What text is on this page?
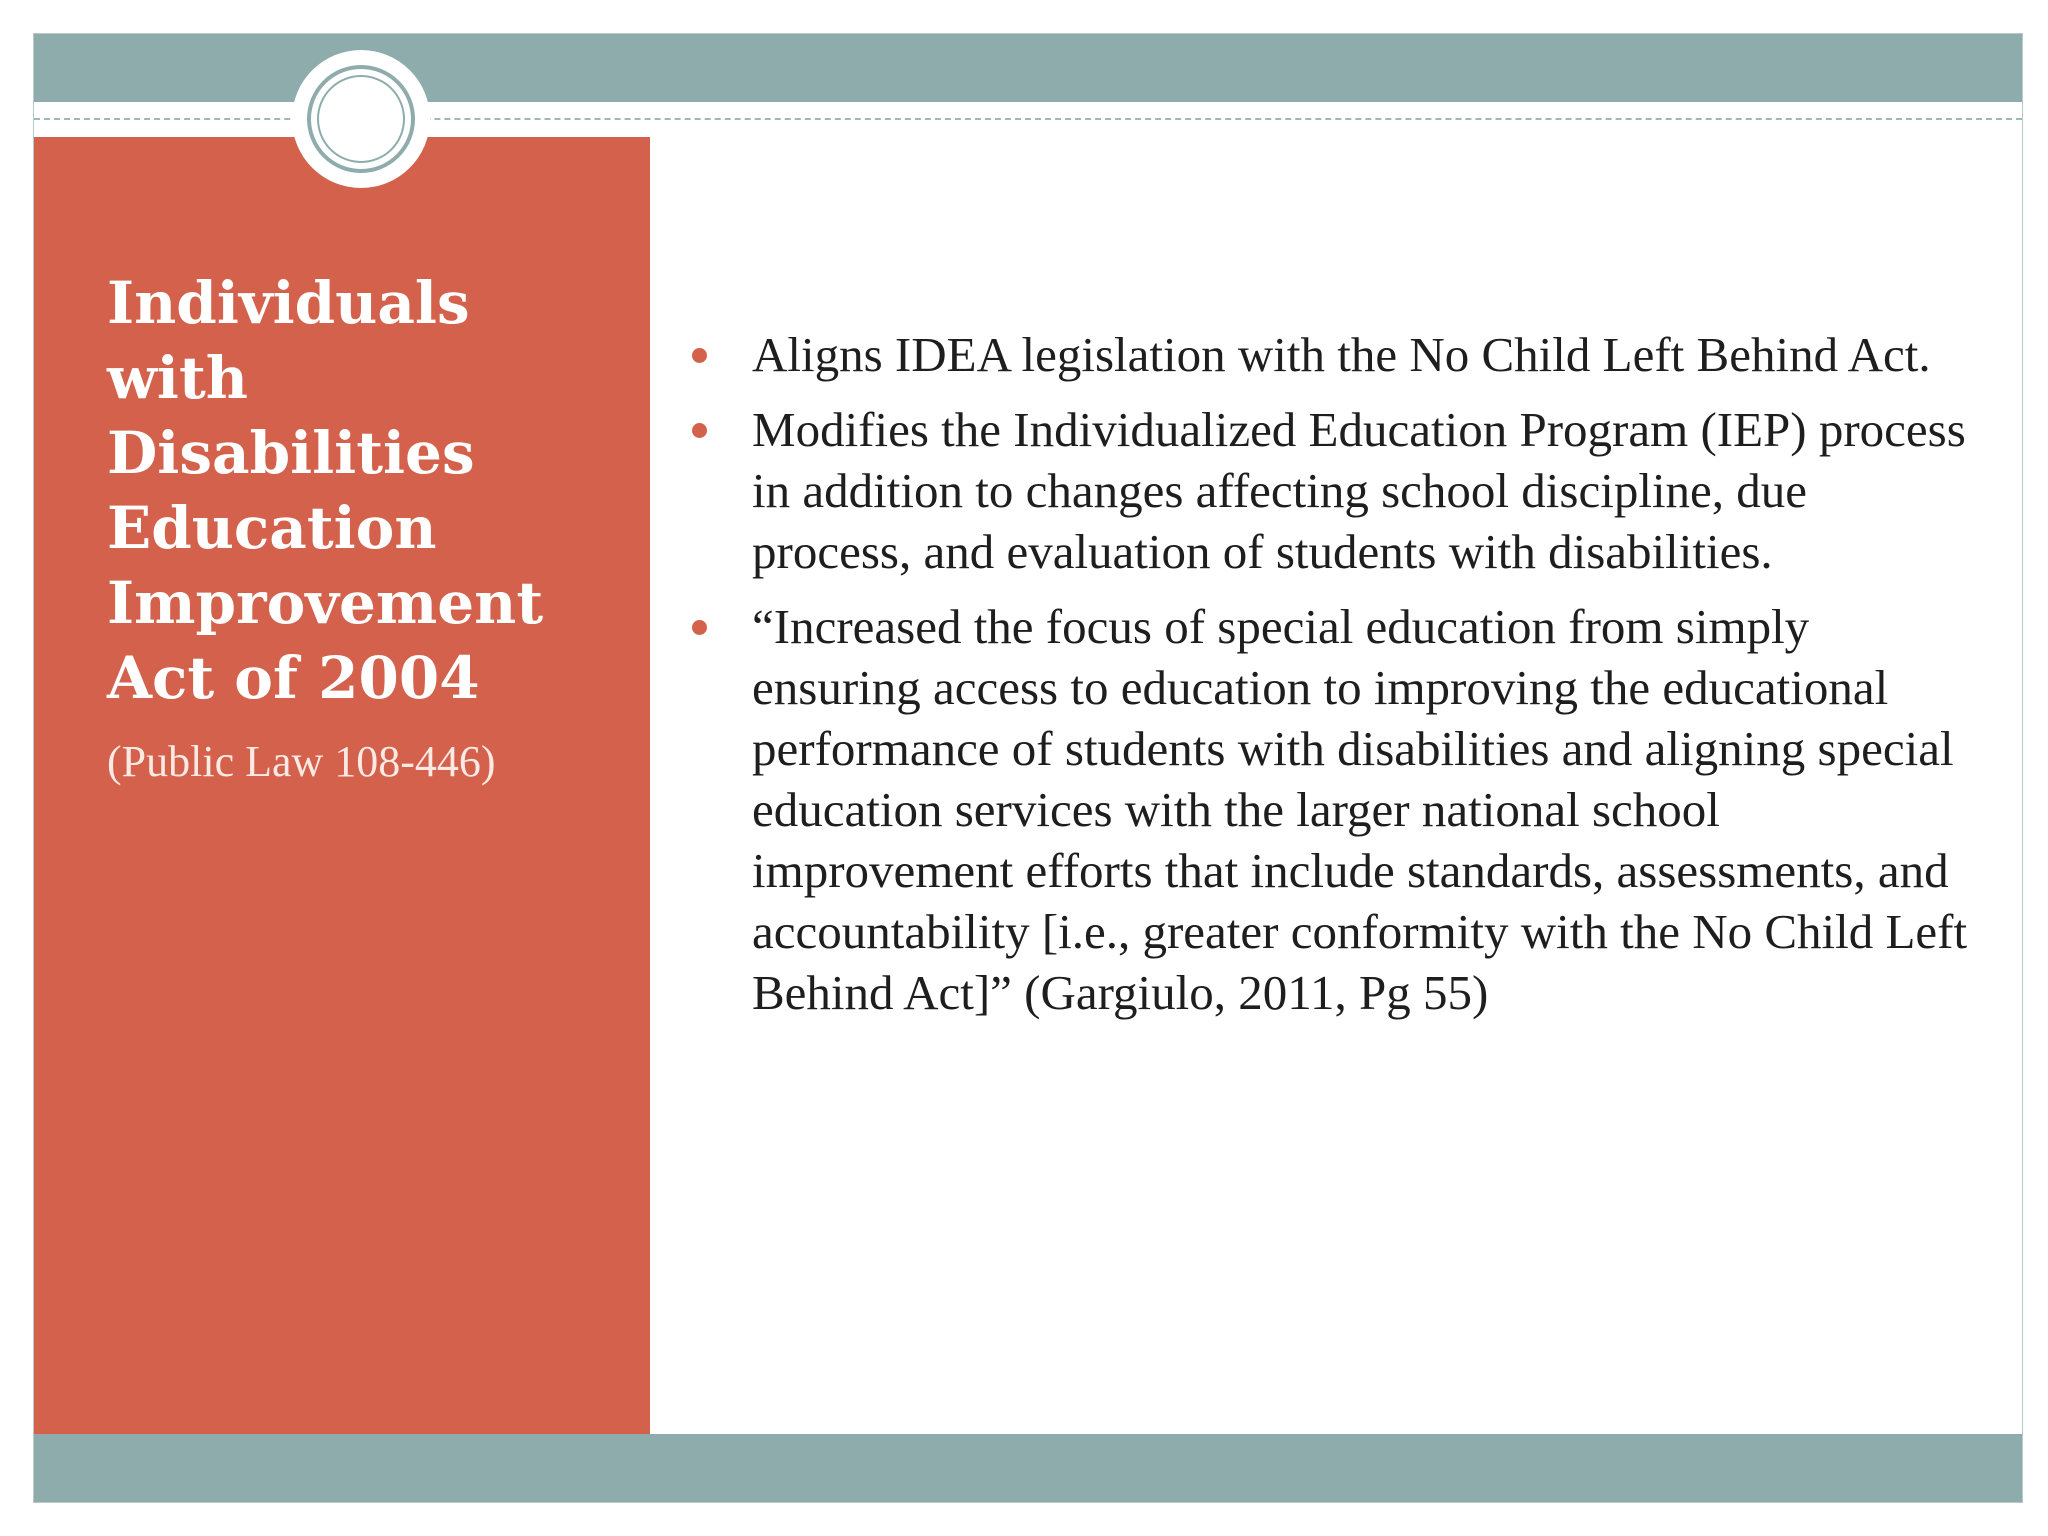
Individuals with Disabilities Education Improvement Act of 2004

(Public Law 108-446)

Aligns IDEA legislation with the No Child Left Behind Act.
Modifies the Individualized Education Program (IEP) process in addition to changes affecting school discipline, due process, and evaluation of students with disabilities.
“Increased the focus of special education from simply ensuring access to education to improving the educational performance of students with disabilities and aligning special education services with the larger national school improvement efforts that include standards, assessments, and accountability [i.e., greater conformity with the No Child Left Behind Act]” (Gargiulo, 2011, Pg 55)
